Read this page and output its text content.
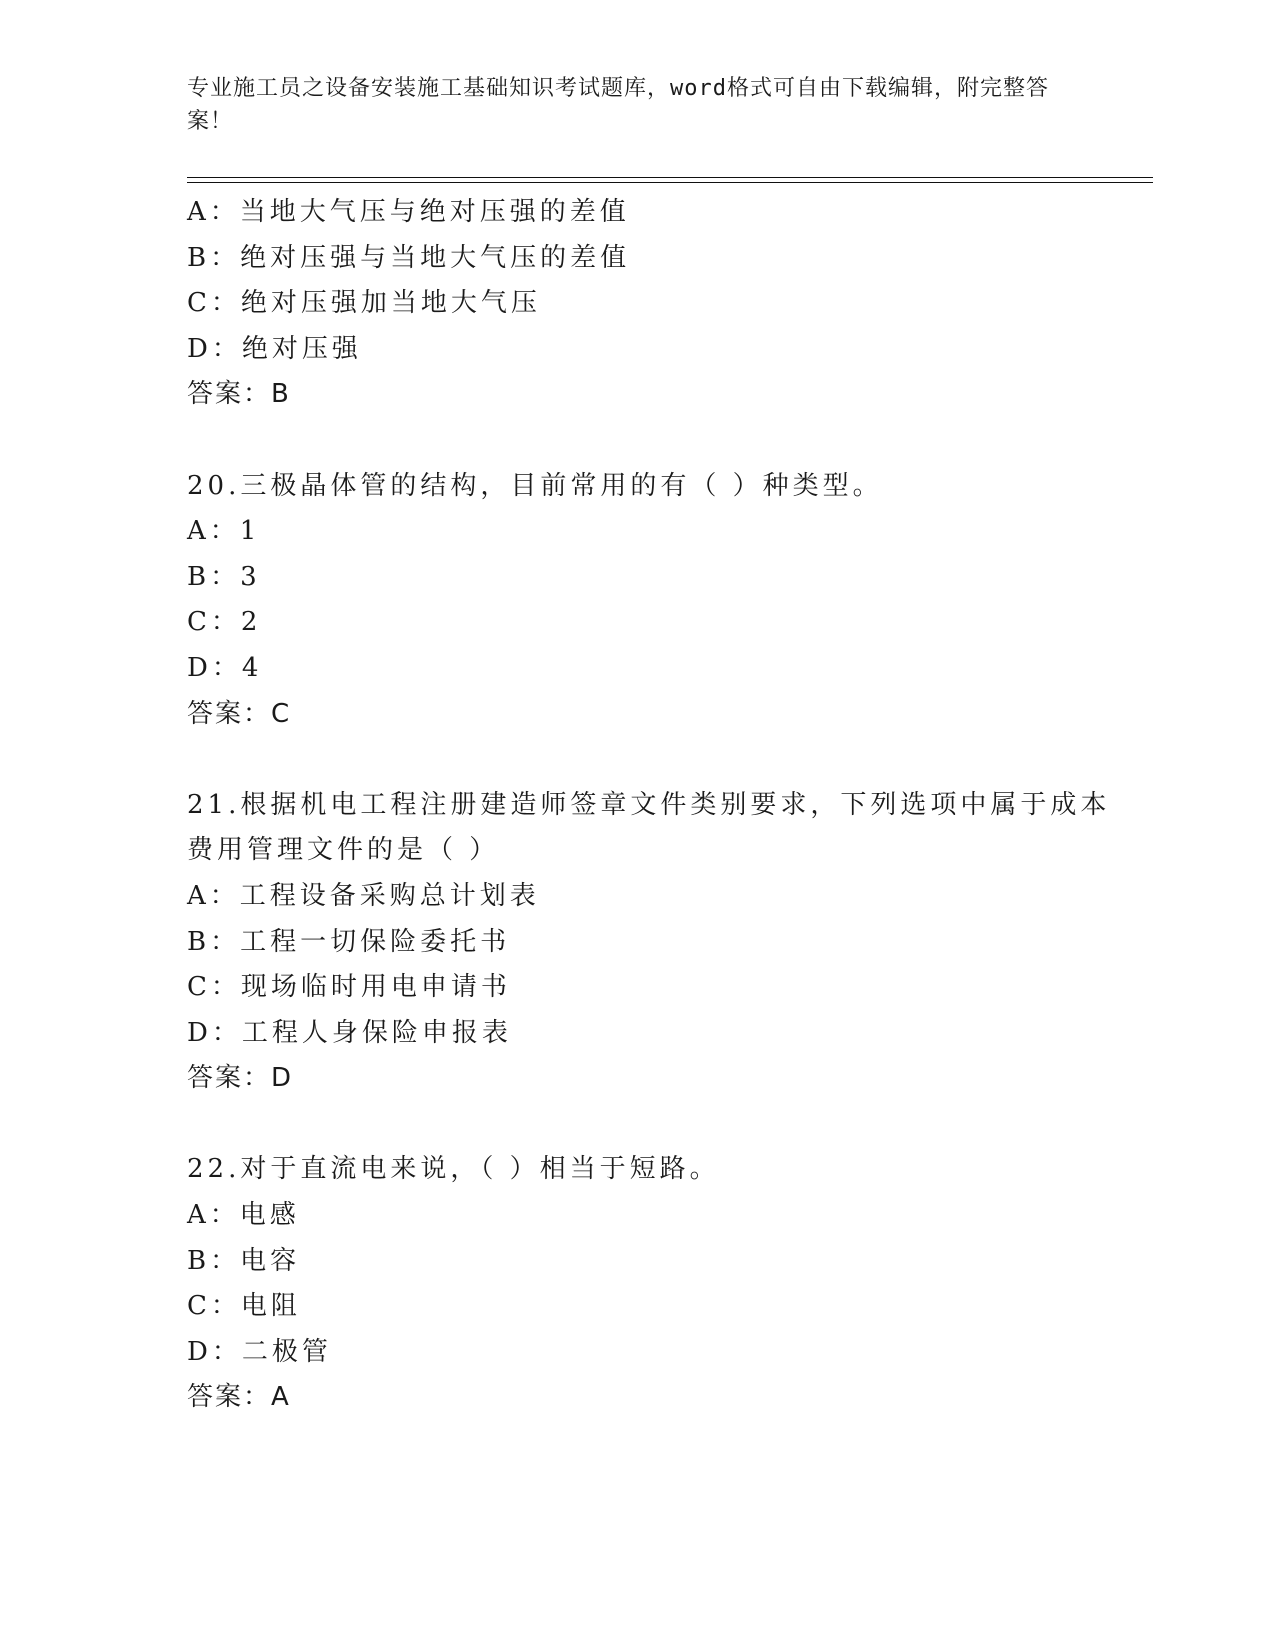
专业施工员之设备安装施工基础知识考试题库，word格式可自由下载编辑，附完整答案！
A：当地大气压与绝对压强的差值
B：绝对压强与当地大气压的差值
C：绝对压强加当地大气压
D：绝对压强
答案：B
20.三极晶体管的结构，目前常用的有（ ）种类型。
A：1
B：3
C：2
D：4
答案：C
21.根据机电工程注册建造师签章文件类别要求，下列选项中属于成本
费用管理文件的是（ ）
A：工程设备采购总计划表
B：工程一切保险委托书
C：现场临时用电申请书
D：工程人身保险申报表
答案：D
22.对于直流电来说，（ ）相当于短路。
A：电感
B：电容
C：电阻
D：二极管
答案：A
